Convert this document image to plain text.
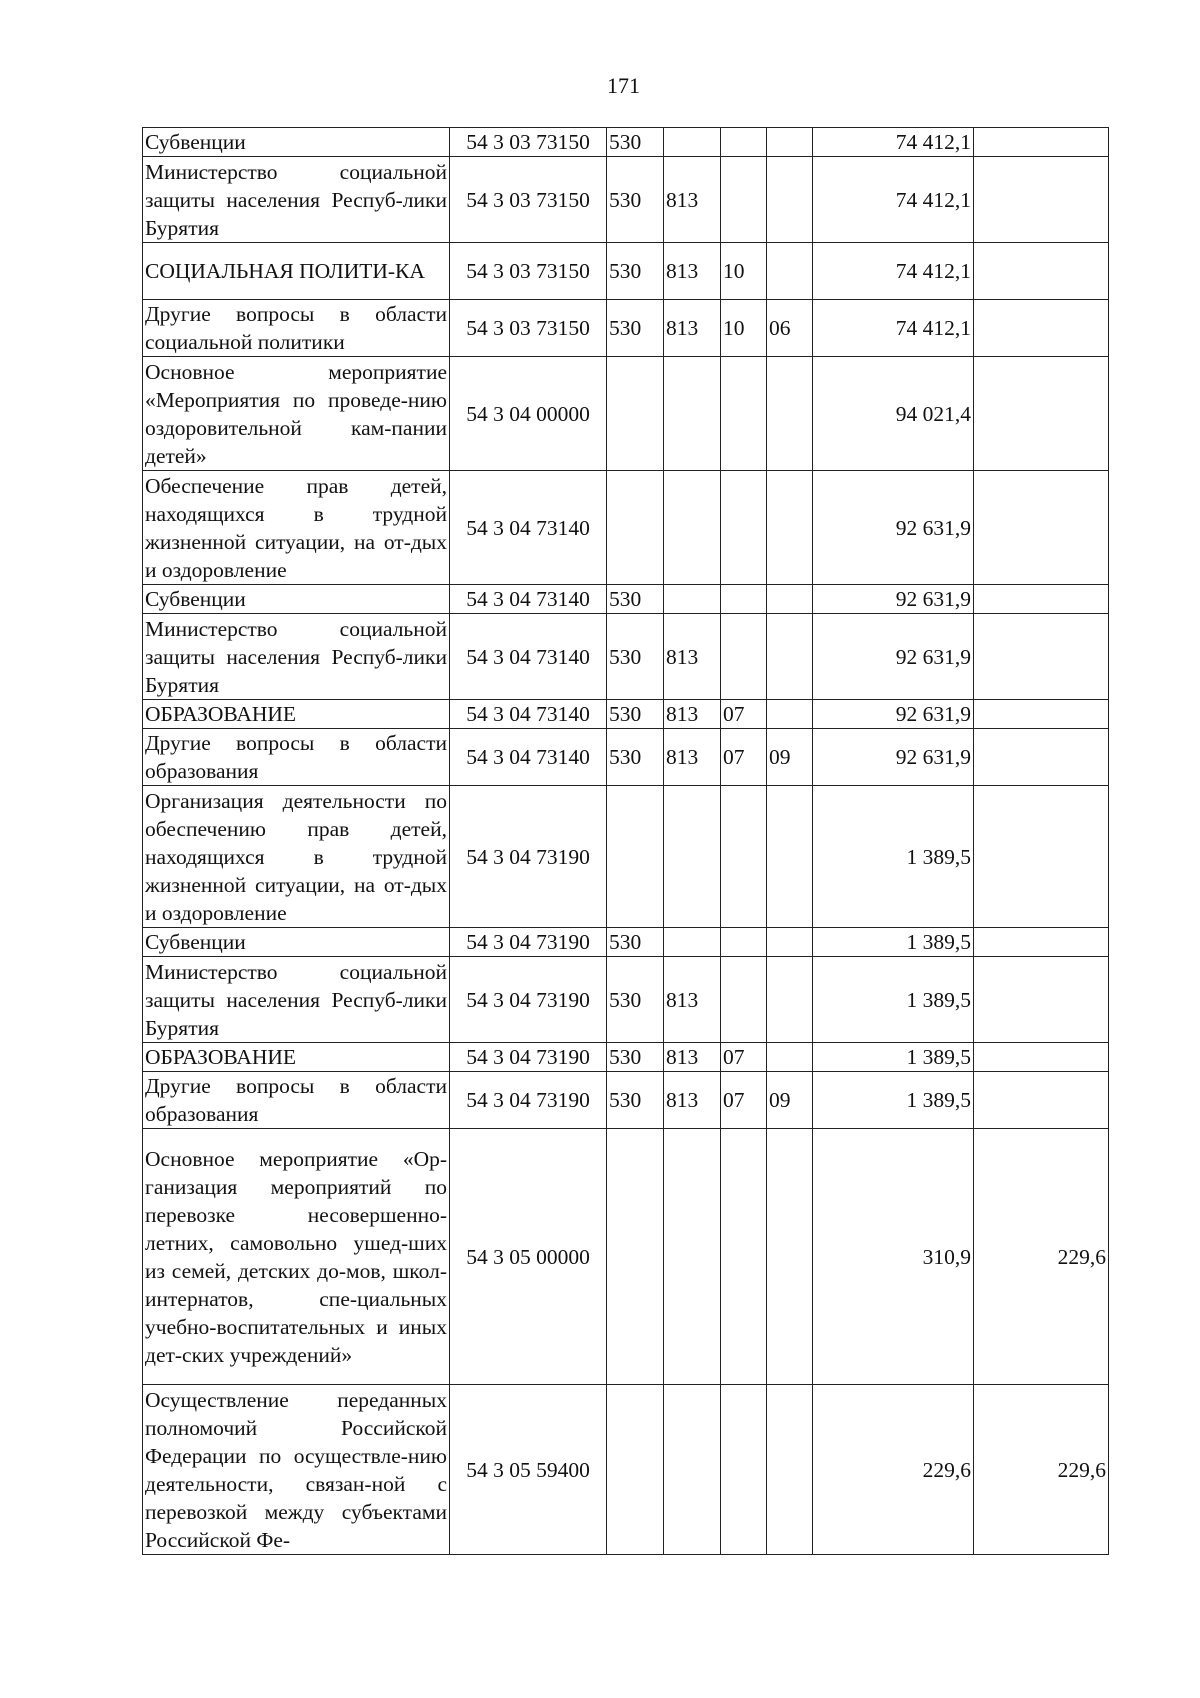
171
Субвенции	54 3 03 73150	530				74 412,1	
Министерство социальной защиты населения Респуб-лики Бурятия	54 3 03 73150	530	813			74 412,1	
СОЦИАЛЬНАЯ ПОЛИТИ-КА	54 3 03 73150	530	813	10		74 412,1	
Другие вопросы в области социальной политики	54 3 03 73150	530	813	10	06	74 412,1	
Основное мероприятие «Мероприятия по проведе-нию оздоровительной кам-пании детей»	54 3 04 00000					94 021,4	
Обеспечение прав детей, находящихся в трудной жизненной ситуации, на от-дых и оздоровление	54 3 04 73140					92 631,9	
Субвенции	54 3 04 73140	530				92 631,9	
Министерство социальной защиты населения Респуб-лики Бурятия	54 3 04 73140	530	813			92 631,9	
ОБРАЗОВАНИЕ	54 3 04 73140	530	813	07		92 631,9	
Другие вопросы в области образования	54 3 04 73140	530	813	07	09	92 631,9	
Организация деятельности по обеспечению прав детей, находящихся в трудной жизненной ситуации, на от-дых и оздоровление	54 3 04 73190					1 389,5	
Субвенции	54 3 04 73190	530				1 389,5	
Министерство социальной защиты населения Респуб-лики Бурятия	54 3 04 73190	530	813			1 389,5	
ОБРАЗОВАНИЕ	54 3 04 73190	530	813	07		1 389,5	
Другие вопросы в области образования	54 3 04 73190	530	813	07	09	1 389,5	
Основное мероприятие «Ор-ганизация мероприятий по перевозке несовершенно-летних, самовольно ушед-ших из семей, детских до-мов, школ-интернатов, спе-циальных учебно-воспитательных и иных дет-ских учреждений»	54 3 05 00000					310,9	229,6
Осуществление переданных полномочий Российской Федерации по осуществле-нию деятельности, связан-ной с перевозкой между субъектами Российской Фе-	54 3 05 59400					229,6	229,6
